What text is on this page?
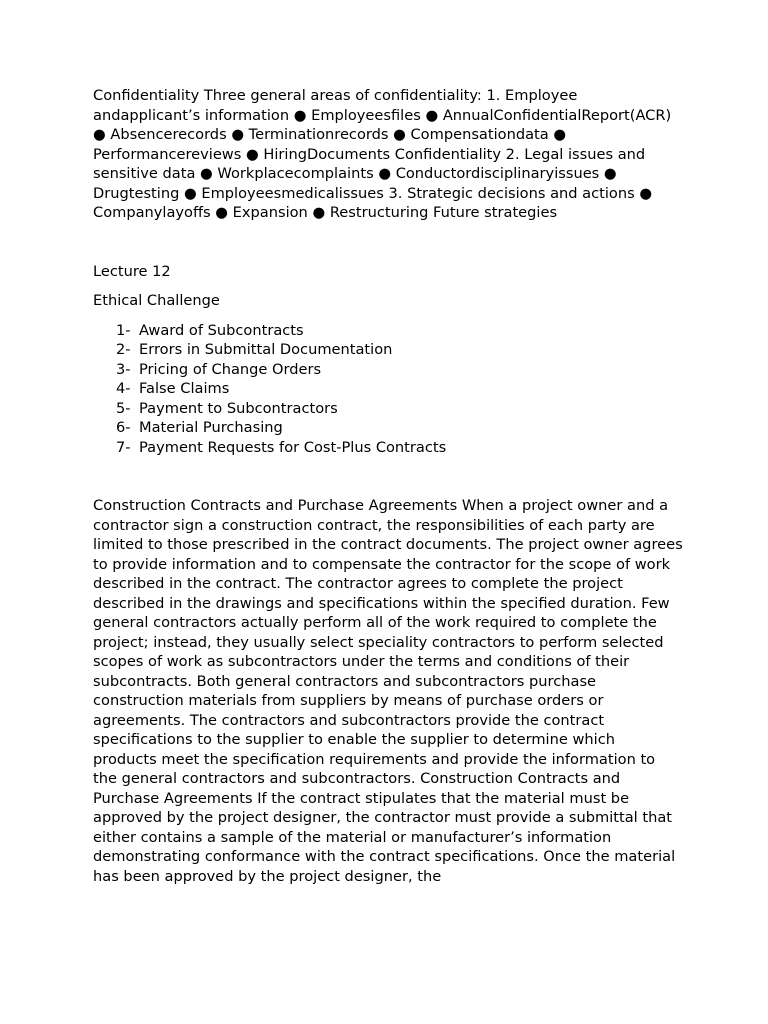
Confidentiality Three general areas of confidentiality: 1. Employee andapplicant’s information ● Employeesfiles ● AnnualConfidentialReport(ACR) ● Absencerecords ● Terminationrecords ● Compensationdata ● Performancereviews ● HiringDocuments Confidentiality 2. Legal issues and sensitive data ● Workplacecomplaints ● Conductordisciplinaryissues ● Drugtesting ● Employeesmedicalissues 3. Strategic decisions and actions ● Companylayoffs ● Expansion ● Restructuring Future strategies

Lecture 12

Ethical Challenge

1- Award of Subcontracts
2- Errors in Submittal Documentation
3- Pricing of Change Orders
4- False Claims
5- Payment to Subcontractors
6- Material Purchasing
7- Payment Requests for Cost-Plus Contracts

Construction Contracts and Purchase Agreements When a project owner and a contractor sign a construction contract, the responsibilities of each party are limited to those prescribed in the contract documents. The project owner agrees to provide information and to compensate the contractor for the scope of work described in the contract. The contractor agrees to complete the project described in the drawings and specifications within the specified duration. Few general contractors actually perform all of the work required to complete the project; instead, they usually select speciality contractors to perform selected scopes of work as subcontractors under the terms and conditions of their subcontracts. Both general contractors and subcontractors purchase construction materials from suppliers by means of purchase orders or agreements. The contractors and subcontractors provide the contract specifications to the supplier to enable the supplier to determine which products meet the specification requirements and provide the information to the general contractors and subcontractors. Construction Contracts and Purchase Agreements If the contract stipulates that the material must be approved by the project designer, the contractor must provide a submittal that either contains a sample of the material or manufacturer’s information demonstrating conformance with the contract specifications. Once the material has been approved by the project designer, the
